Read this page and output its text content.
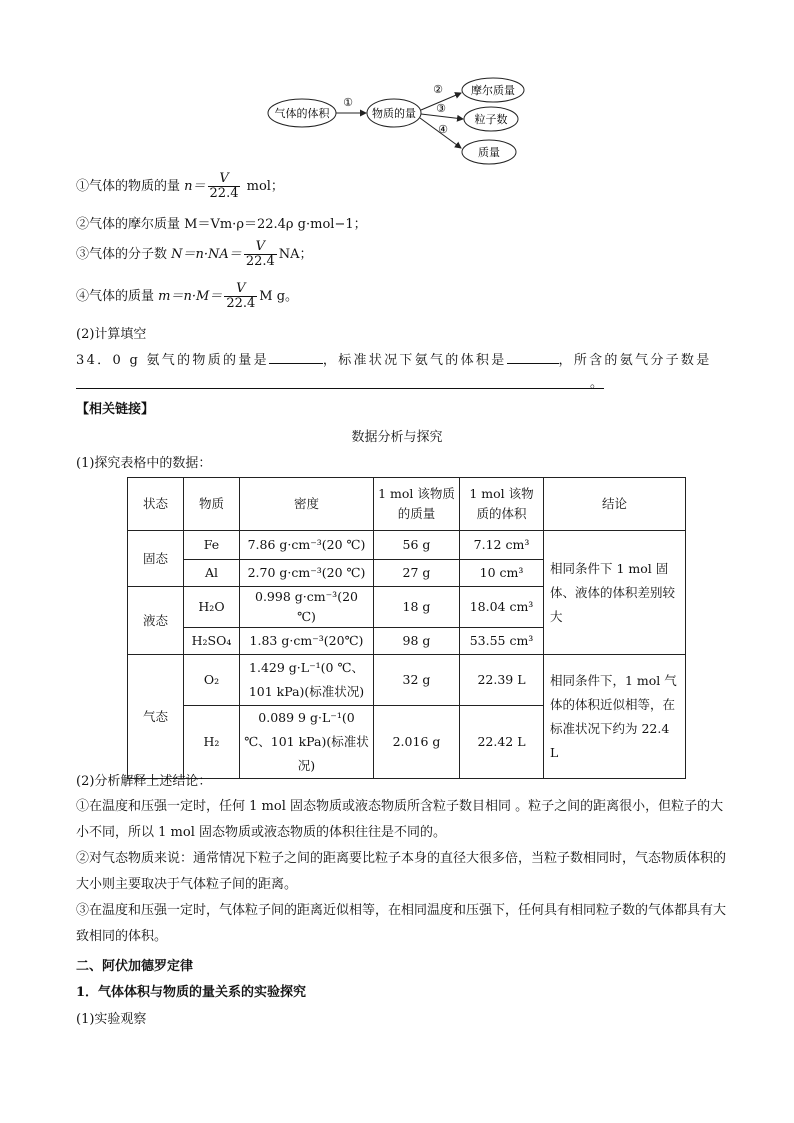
气体的体积	物质的量
摩尔质量
粒子数
质量
①
②
③
④
①气体的物质的量 $n= \frac{V}{22.4}$ mol；
②气体的摩尔质量 M＝Vm·ρ＝22.4ρ g·mol−1；
③气体的分子数 $N=n\cdot NA= \frac{V}{22.4}$ NA；
④气体的质量 $m=n\cdot M= \frac{V}{22.4}$ M g。
(2)计算填空
34．0 g 氨气的物质的量是	，标准状况下氨气的体积是	，所含的氨气分子数是
。
【相关链接】
数据分析与探究
(1)探究表格中的数据：
状态	物质	密度	1 mol 该物质的质量	1 mol 该物质的体积	结论
固态	Fe	7.86 g·cm⁻³(20 ℃)	56 g	7.12 cm³	相同条件下 1 mol 固体、液体的体积差别较大
	Al	2.70 g·cm⁻³(20 ℃)	27 g	10 cm³	
液态	H₂O	0.998 g·cm⁻³(20 ℃)	18 g	18.04 cm³	
	H₂SO₄	1.83 g·cm⁻³(20℃)	98 g	53.55 cm³	
气态	O₂	1.429 g·L⁻¹(0 ℃、101 kPa)(标准状况)	32 g	22.39 L	相同条件下，1 mol 气体的体积近似相等，在标准状况下约为 22.4 L
	H₂	0.089 9 g·L⁻¹(0 ℃、101 kPa)(标准状况)	2.016 g	22.42 L	
(2)分析解释上述结论：
①在温度和压强一定时，任何 1 mol 固态物质或液态物质所含粒子数目相同 。粒子之间的距离很小，但粒子的大小不同，所以 1 mol 固态物质或液态物质的体积往往是不同的。
②对气态物质来说：通常情况下粒子之间的距离要比粒子本身的直径大很多倍，当粒子数相同时，气态物质体积的大小则主要取决于气体粒子间的距离。
③在温度和压强一定时，气体粒子间的距离近似相等，在相同温度和压强下，任何具有相同粒子数的气体都具有大致相同的体积。
二、阿伏加德罗定律
1．气体体积与物质的量关系的实验探究
(1)实验观察
